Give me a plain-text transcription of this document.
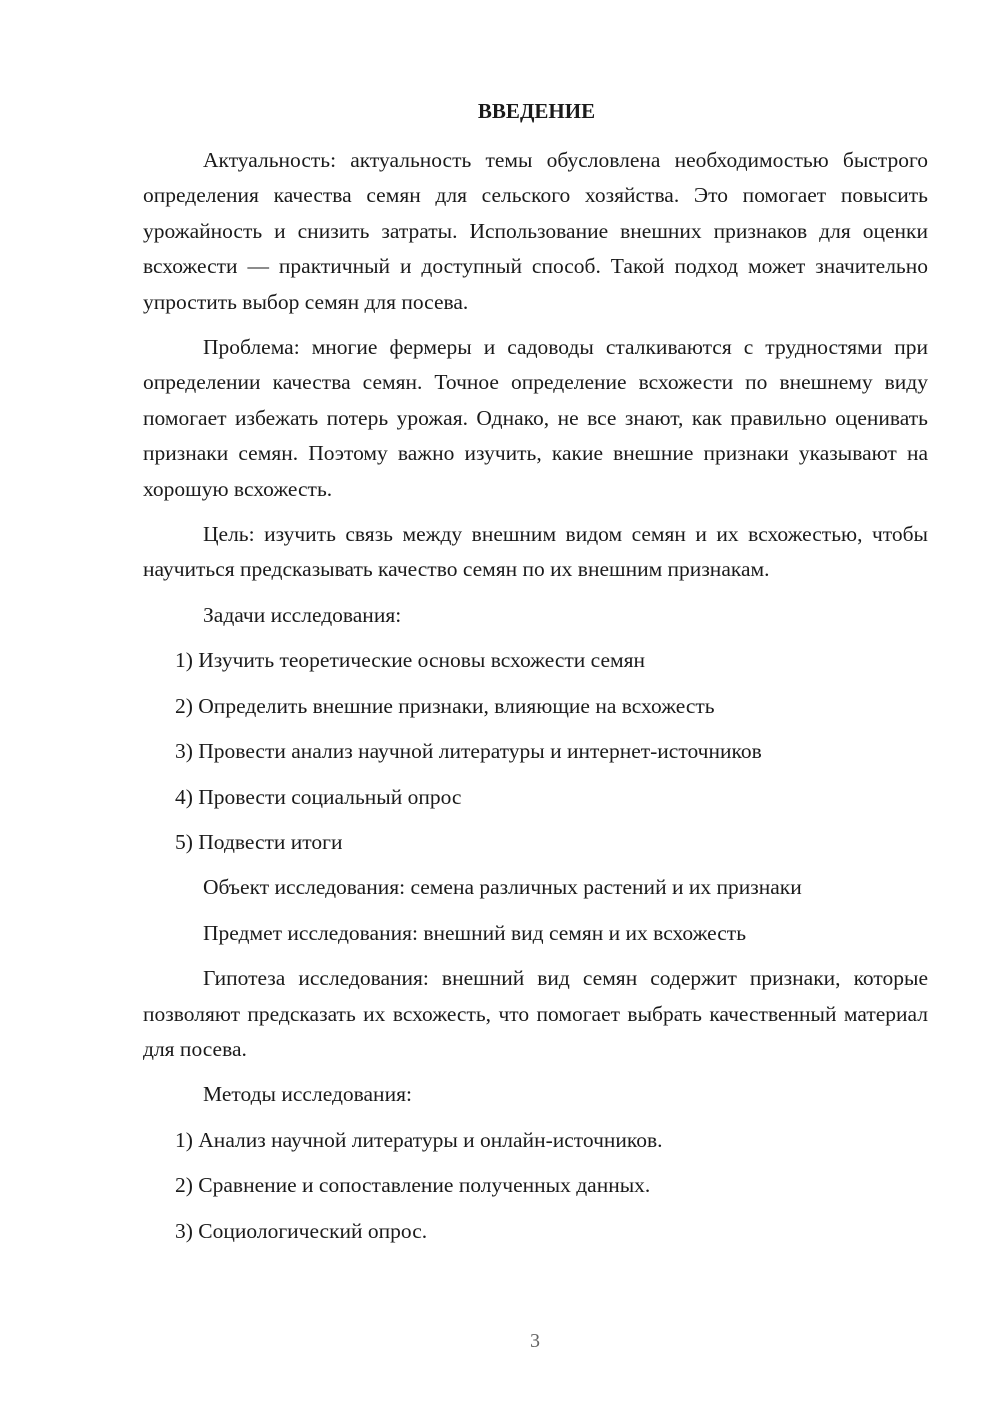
ВВЕДЕНИЕ

Актуальность: актуальность темы обусловлена необходимостью быстрого определения качества семян для сельского хозяйства. Это помогает повысить урожайность и снизить затраты. Использование внешних признаков для оценки всхожести — практичный и доступный способ. Такой подход может значительно упростить выбор семян для посева.

Проблема: многие фермеры и садоводы сталкиваются с трудностями при определении качества семян. Точное определение всхожести по внешнему виду помогает избежать потерь урожая. Однако, не все знают, как правильно оценивать признаки семян. Поэтому важно изучить, какие внешние признаки указывают на хорошую всхожесть.

Цель: изучить связь между внешним видом семян и их всхожестью, чтобы научиться предсказывать качество семян по их внешним признакам.

Задачи исследования:
1) Изучить теоретические основы всхожести семян
2) Определить внешние признаки, влияющие на всхожесть
3) Провести анализ научной литературы и интернет-источников
4) Провести социальный опрос
5) Подвести итоги
Объект исследования: семена различных растений и их признаки
Предмет исследования: внешний вид семян и их всхожесть

Гипотеза исследования: внешний вид семян содержит признаки, которые позволяют предсказать их всхожесть, что помогает выбрать качественный материал для посева.

Методы исследования:
1) Анализ научной литературы и онлайн-источников.
2) Сравнение и сопоставление полученных данных.
3) Социологический опрос.
3
